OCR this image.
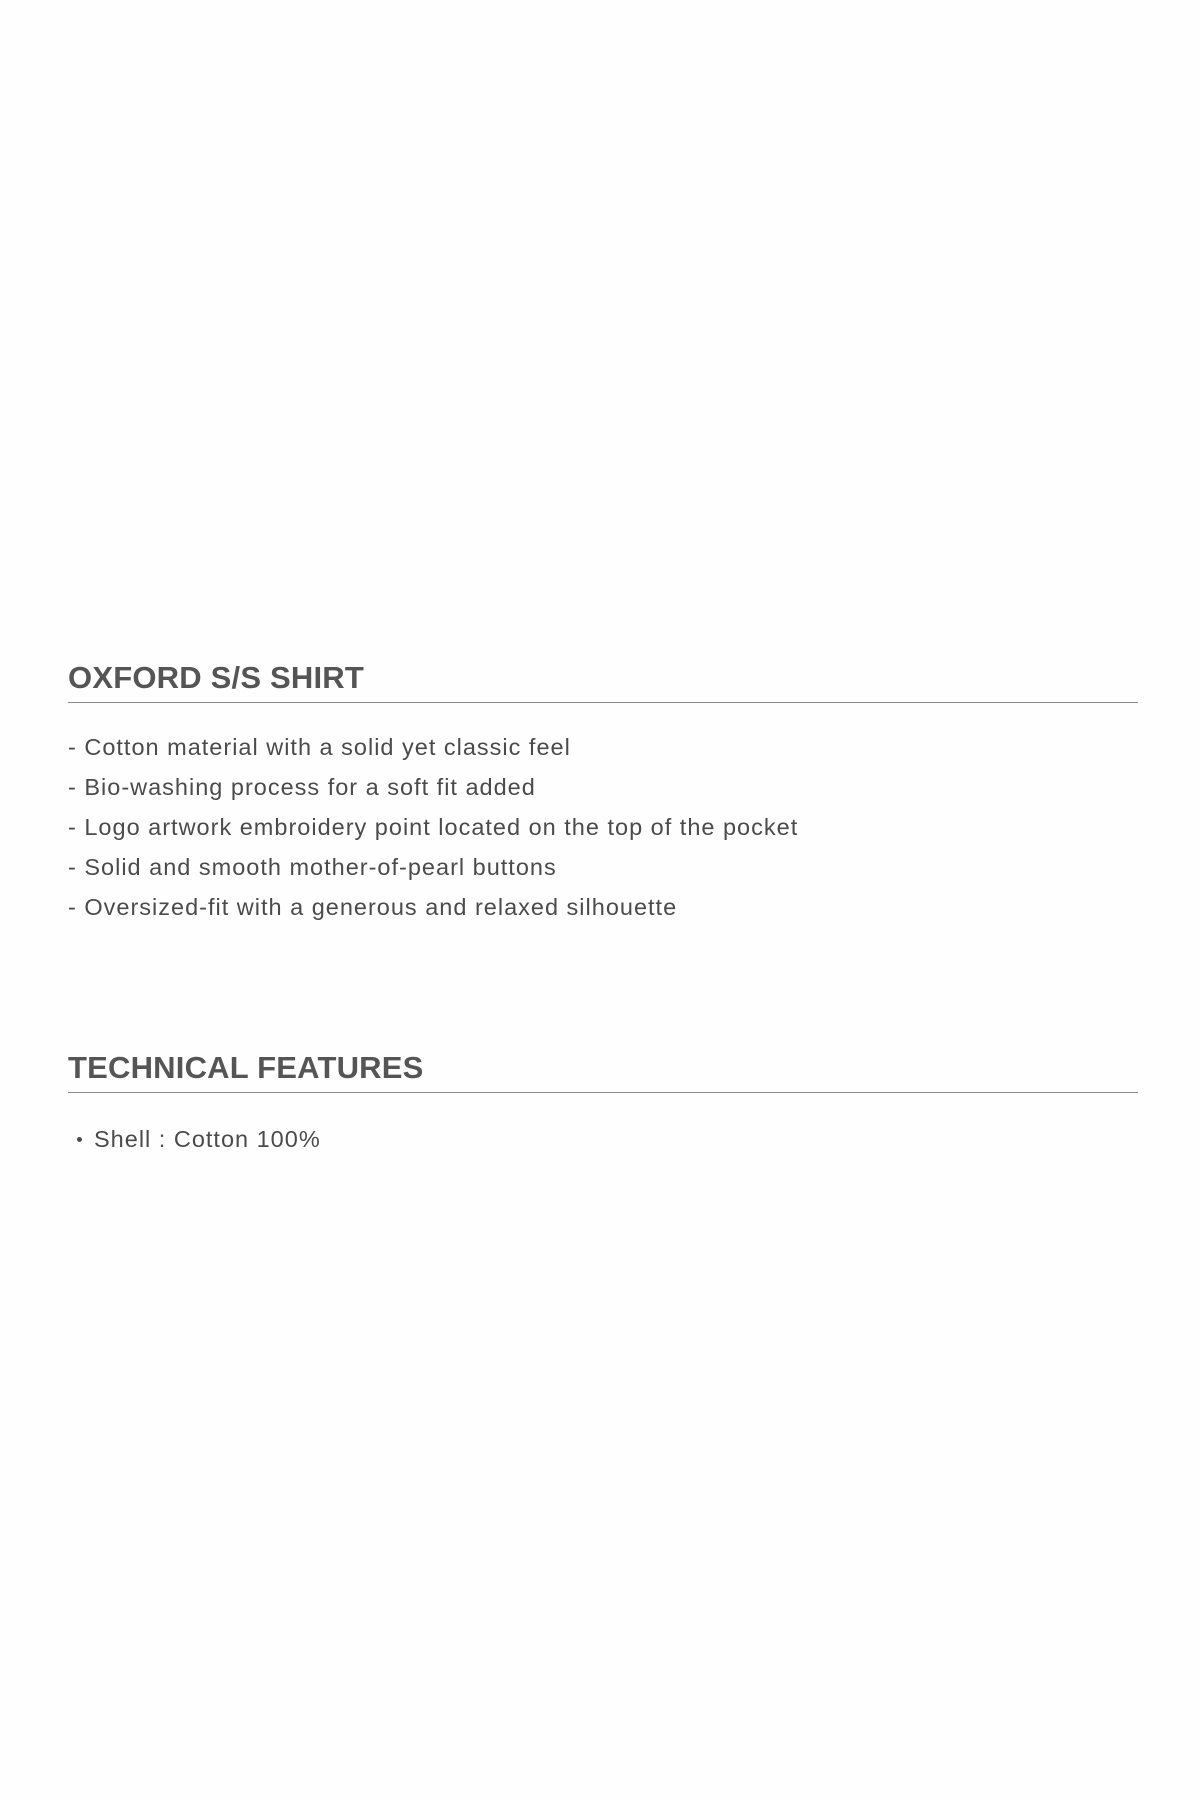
OXFORD S/S SHIRT
- Cotton material with a solid yet classic feel
- Bio-washing process for a soft fit added
- Logo artwork embroidery point located on the top of the pocket
- Solid and smooth mother-of-pearl buttons
- Oversized-fit with a generous and relaxed silhouette
TECHNICAL FEATURES
Shell : Cotton 100%
